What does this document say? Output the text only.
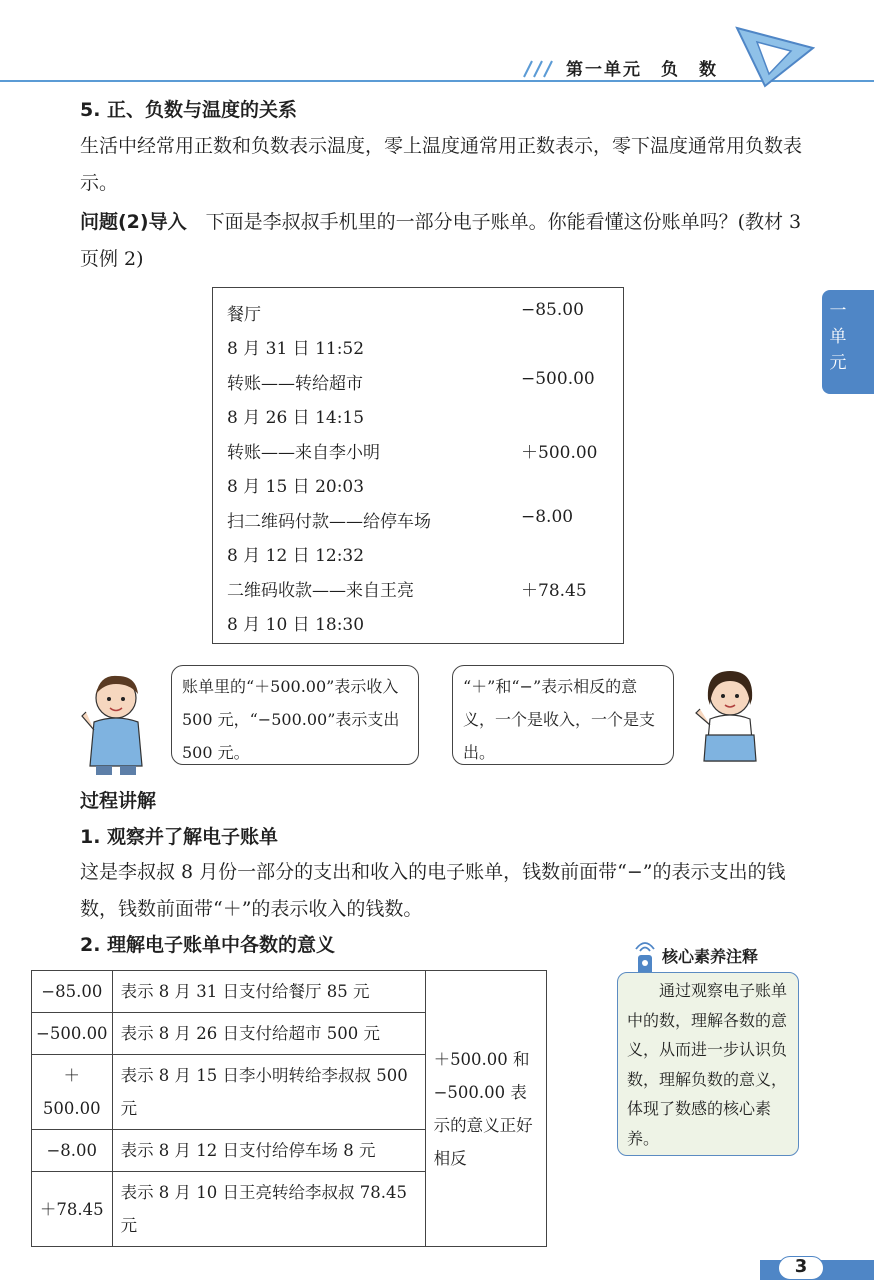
第一单元　负　数
一
单
元
5. 正、负数与温度的关系
生活中经常用正数和负数表示温度，零上温度通常用正数表示，零下温度通常用负数表示。
问题(2)导入　下面是李叔叔手机里的一部分电子账单。你能看懂这份账单吗？(教材 3 页例 2)
餐厅	−85.00
8 月 31 日 11:52
转账——转给超市	−500.00
8 月 26 日 14:15
转账——来自李小明	＋500.00
8 月 15 日 20:03
扫二维码付款——给停车场	−8.00
8 月 12 日 12:32
二维码收款——来自王亮	＋78.45
8 月 10 日 18:30
账单里的“＋500.00”表示收入 500 元，“−500.00”表示支出 500 元。
“＋”和“−”表示相反的意义，一个是收入，一个是支出。
过程讲解
1. 观察并了解电子账单
这是李叔叔 8 月份一部分的支出和收入的电子账单，钱数前面带“−”的表示支出的钱数，钱数前面带“＋”的表示收入的钱数。
2. 理解电子账单中各数的意义
−85.00	表示 8 月 31 日支付给餐厅 85 元	＋500.00 和 −500.00 表示的意义正好相反
−500.00	表示 8 月 26 日支付给超市 500 元	
＋500.00	表示 8 月 15 日李小明转给李叔叔 500 元	
−8.00	表示 8 月 12 日支付给停车场 8 元	
＋78.45	表示 8 月 10 日王亮转给李叔叔 78.45 元	
核心素养注释
通过观察电子账单中的数，理解各数的意义，从而进一步认识负数，理解负数的意义，体现了数感的核心素养。
3
